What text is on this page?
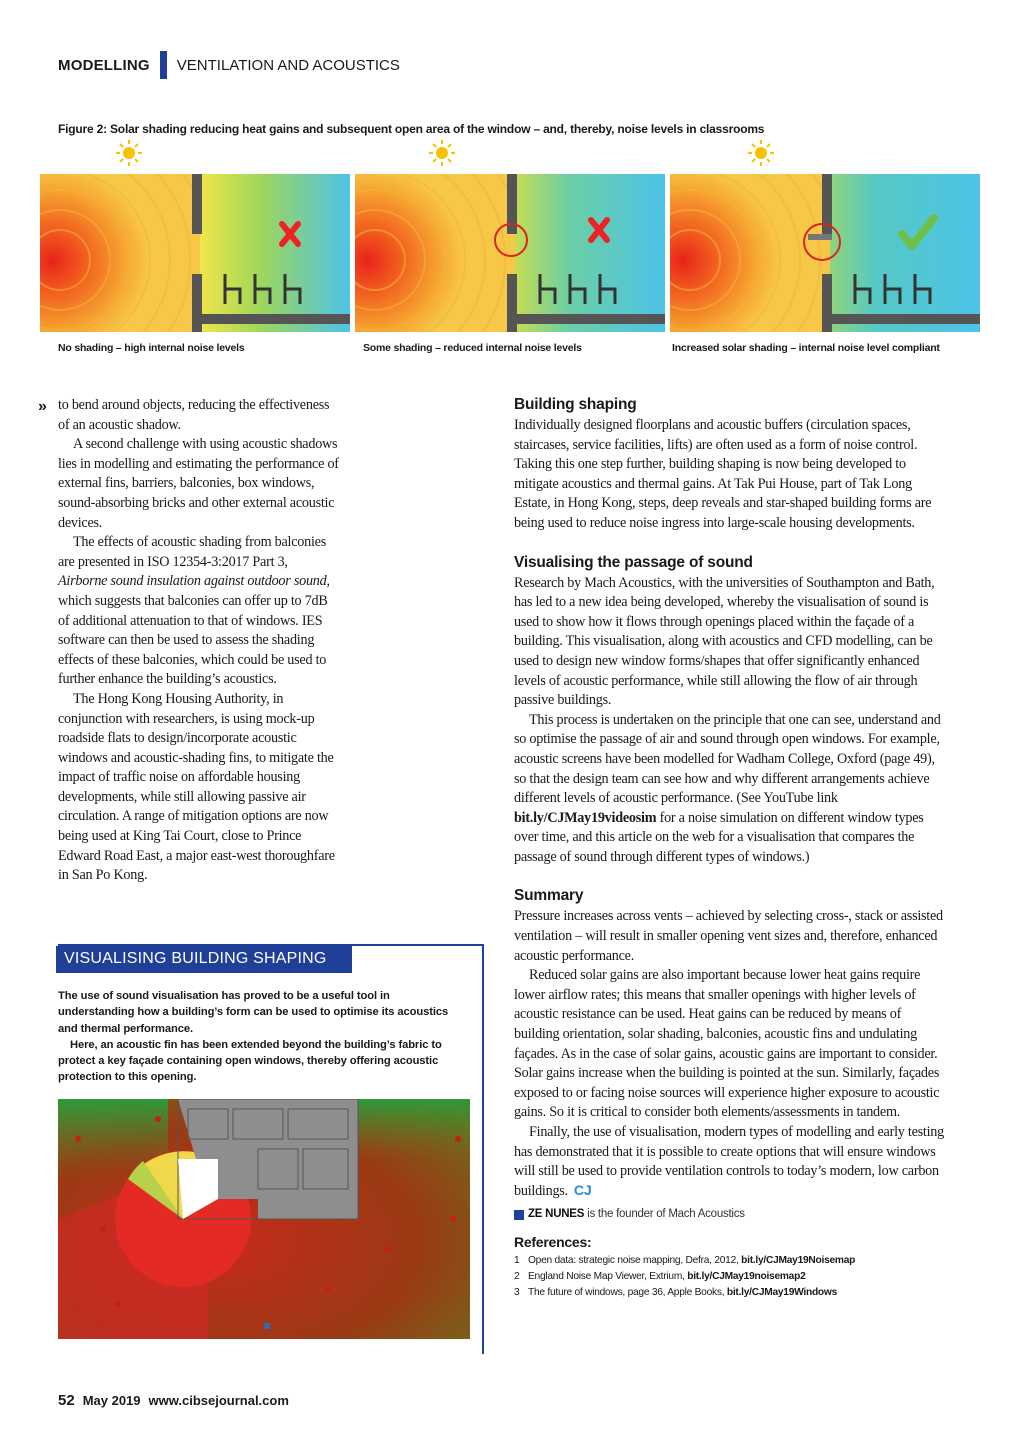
MODELLING VENTILATION AND ACOUSTICS
Figure 2: Solar shading reducing heat gains and subsequent open area of the window – and, thereby, noise levels in classrooms
No shading – high internal noise levels	Some shading – reduced internal noise levels	Increased solar shading – internal noise level compliant
» to bend around objects, reducing the effectiveness of an acoustic shadow.

A second challenge with using acoustic shadows lies in modelling and estimating the performance of external fins, barriers, balconies, box windows, sound-absorbing bricks and other external acoustic devices.

The effects of acoustic shading from balconies are presented in ISO 12354-3:2017 Part 3, Airborne sound insulation against outdoor sound, which suggests that balconies can offer up to 7dB of additional attenuation to that of windows. IES software can then be used to assess the shading effects of these balconies, which could be used to further enhance the building’s acoustics.

The Hong Kong Housing Authority, in conjunction with researchers, is using mock-up roadside flats to design/incorporate acoustic windows and acoustic-shading fins, to mitigate the impact of traffic noise on affordable housing developments, while still allowing passive air circulation. A range of mitigation options are now being used at King Tai Court, close to Prince Edward Road East, a major east-west thoroughfare in San Po Kong.

VISUALISING BUILDING SHAPING

The use of sound visualisation has proved to be a useful tool in understanding how a building’s form can be used to optimise its acoustics and thermal performance.

Here, an acoustic fin has been extended beyond the building’s fabric to protect a key façade containing open windows, thereby offering acoustic protection to this opening.

Building shaping

Individually designed floorplans and acoustic buffers (circulation spaces, staircases, service facilities, lifts) are often used as a form of noise control. Taking this one step further, building shaping is now being developed to mitigate acoustics and thermal gains. At Tak Pui House, part of Tak Long Estate, in Hong Kong, steps, deep reveals and star-shaped building forms are being used to reduce noise ingress into large-scale housing developments.

Visualising the passage of sound

Research by Mach Acoustics, with the universities of Southampton and Bath, has led to a new idea being developed, whereby the visualisation of sound is used to show how it flows through openings placed within the façade of a building. This visualisation, along with acoustics and CFD modelling, can be used to design new window forms/shapes that offer significantly enhanced levels of acoustic performance, while still allowing the flow of air through passive buildings.

This process is undertaken on the principle that one can see, understand and so optimise the passage of air and sound through open windows. For example, acoustic screens have been modelled for Wadham College, Oxford (page 49), so that the design team can see how and why different arrangements achieve different levels of acoustic performance. (See YouTube link bit.ly/CJMay19videosim for a noise simulation on different window types over time, and this article on the web for a visualisation that compares the passage of sound through different types of windows.)

Summary

Pressure increases across vents – achieved by selecting cross-, stack or assisted ventilation – will result in smaller opening vent sizes and, therefore, enhanced acoustic performance.

Reduced solar gains are also important because lower heat gains require lower airflow rates; this means that smaller openings with higher levels of acoustic resistance can be used. Heat gains can be reduced by means of building orientation, solar shading, balconies, acoustic fins and undulating façades. As in the case of solar gains, acoustic gains are important to consider. Solar gains increase when the building is pointed at the sun. Similarly, façades exposed to or facing noise sources will experience higher exposure to acoustic gains. So it is critical to consider both elements/assessments in tandem.

Finally, the use of visualisation, modern types of modelling and early testing has demonstrated that it is possible to create options that will ensure windows will still be used to provide ventilation controls to today’s modern, low carbon buildings. CJ

ZE NUNES is the founder of Mach Acoustics
References:
1 Open data: strategic noise mapping, Defra, 2012, bit.ly/CJMay19Noisemap
2 England Noise Map Viewer, Extrium, bit.ly/CJMay19noisemap2
3 The future of windows, page 36, Apple Books, bit.ly/CJMay19Windows
52 May 2019 www.cibsejournal.com
